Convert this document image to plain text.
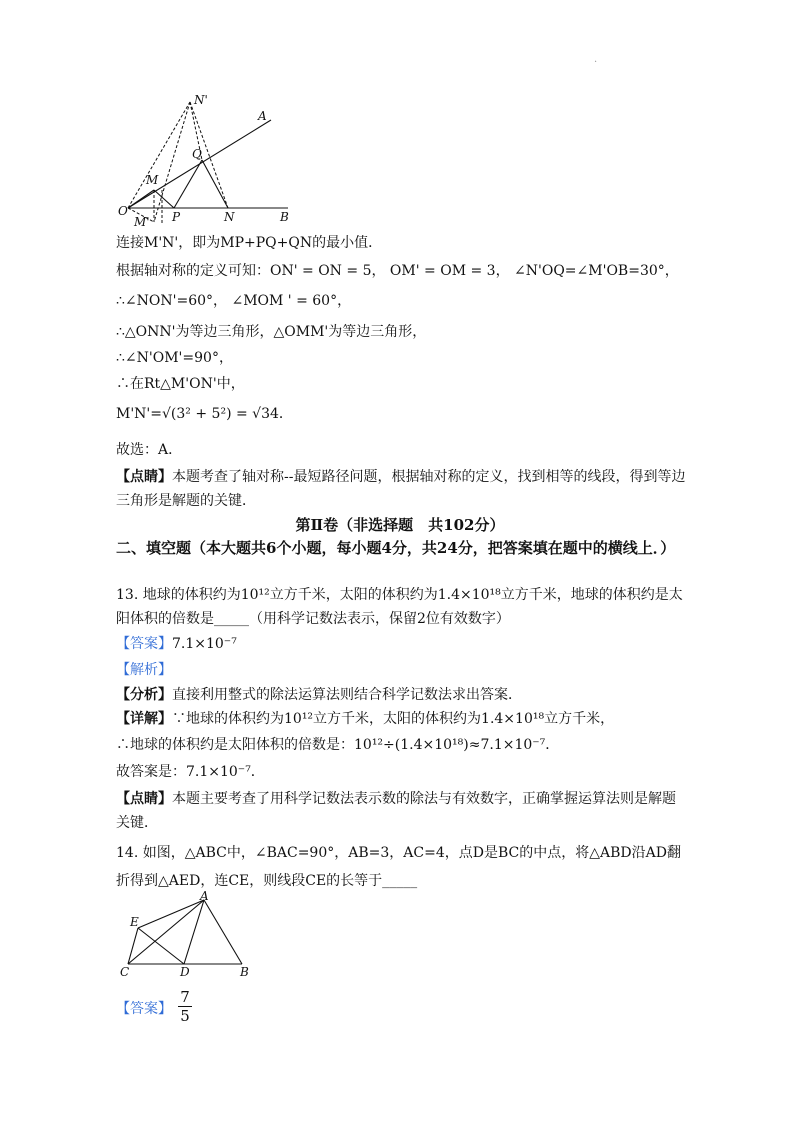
.
N'
A
Q
M
O	P	N	B
M'
连接M'N'，即为MP+PQ+QN的最小值．
根据轴对称的定义可知：ON' = ON = 5， OM' = OM = 3， ∠N'OQ=∠M'OB=30°，
∴∠NON'=60°， ∠MOM ' = 60°，
∴△ONN'为等边三角形，△OMM'为等边三角形，
∴∠N'OM'=90°，
∴在Rt△M'ON'中，
M'N'=√(3² + 5²) = √34．
故选：A．
【点睛】本题考查了轴对称--最短路径问题，根据轴对称的定义，找到相等的线段，得到等边三角形是解题的关键．
第Ⅱ卷（非选择题　共102分）
二、填空题（本大题共6个小题，每小题4分，共24分，把答案填在题中的横线上．）
13. 地球的体积约为10¹²立方千米，太阳的体积约为1.4×10¹⁸立方千米，地球的体积约是太阳体积的倍数是_____（用科学记数法表示，保留2位有效数字）
【答案】7.1×10⁻⁷
【解析】
【分析】直接利用整式的除法运算法则结合科学记数法求出答案．
【详解】∵地球的体积约为10¹²立方千米，太阳的体积约为1.4×10¹⁸立方千米，
∴地球的体积约是太阳体积的倍数是：10¹²÷(1.4×10¹⁸)≈7.1×10⁻⁷．
故答案是：7.1×10⁻⁷．
【点睛】本题主要考查了用科学记数法表示数的除法与有效数字，正确掌握运算法则是解题关键．
14. 如图，△ABC中，∠BAC=90°，AB=3，AC=4，点D是BC的中点，将△ABD沿AD翻折得到△AED，连CE，则线段CE的长等于_____
A
E
C	D	B
【答案】 $\frac{7}{5}$
